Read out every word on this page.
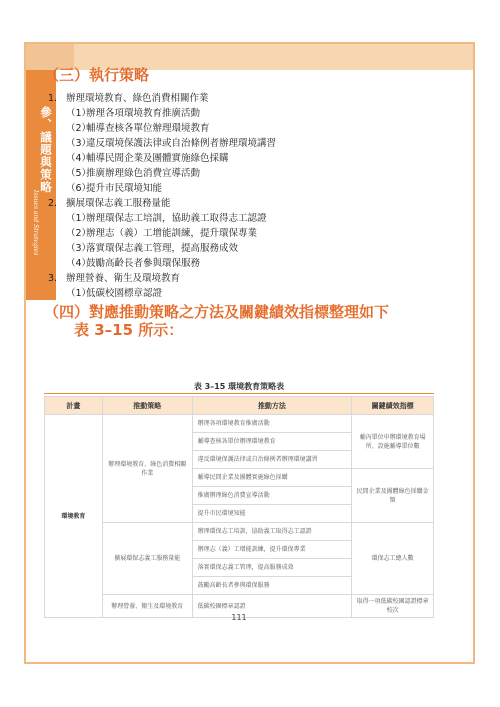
參、議題與策略
Issues and Strategies
（三）執行策略
1. 辦理環境教育、綠色消費相關作業
（1）辦理各項環境教育推廣活動
（2）輔導查核各單位辦理環境教育
（3）違反環境保護法律或自治條例者辦理環境講習
（4）輔導民間企業及團體實施綠色採購
（5）推廣辦理綠色消費宣導活動
（6）提升市民環境知能
2. 擴展環保志義工服務量能
（1）辦理環保志工培訓，協助義工取得志工認證
（2）辦理志（義）工增能訓練，提升環保專業
（3）落實環保志義工管理，提高服務成效
（4）鼓勵高齡長者參與環保服務
3. 辦理營養、衛生及環境教育
（1）低碳校園標章認證
（四）對應推動策略之方法及關鍵績效指標整理如下
表 3–15 所示：
表 3–15 環境教育策略表
計畫	推動策略	推動方法	關鍵績效指標
環境教育	辦理環境教育、綠色消費相關作業	辦理各項環境教育推廣活動	輔內單位申辦環境教育場所、設施輔導單位數
		輔導查核各單位辦理環境教育	
		違反環境保護法律或自治條例者辦理環境講習	
		輔導民間企業及團體實施綠色採購	民間企業及團體綠色採購金額
		推廣辦理綠色消費宣導活動	
		提升市民環境知能	
	擴展環保志義工服務量能	辦理環保志工培訓，協助義工取得志工認證	環保志工總人數
		辦理志（義）工增能訓練，提升環保專業	
		落實環保志義工管理，提高服務成效	
		鼓勵高齡長者參與環保服務	
	辦理營養、衛生及環境教育	低碳校園標章認證	取得一項低碳校園認證標章校次
111
